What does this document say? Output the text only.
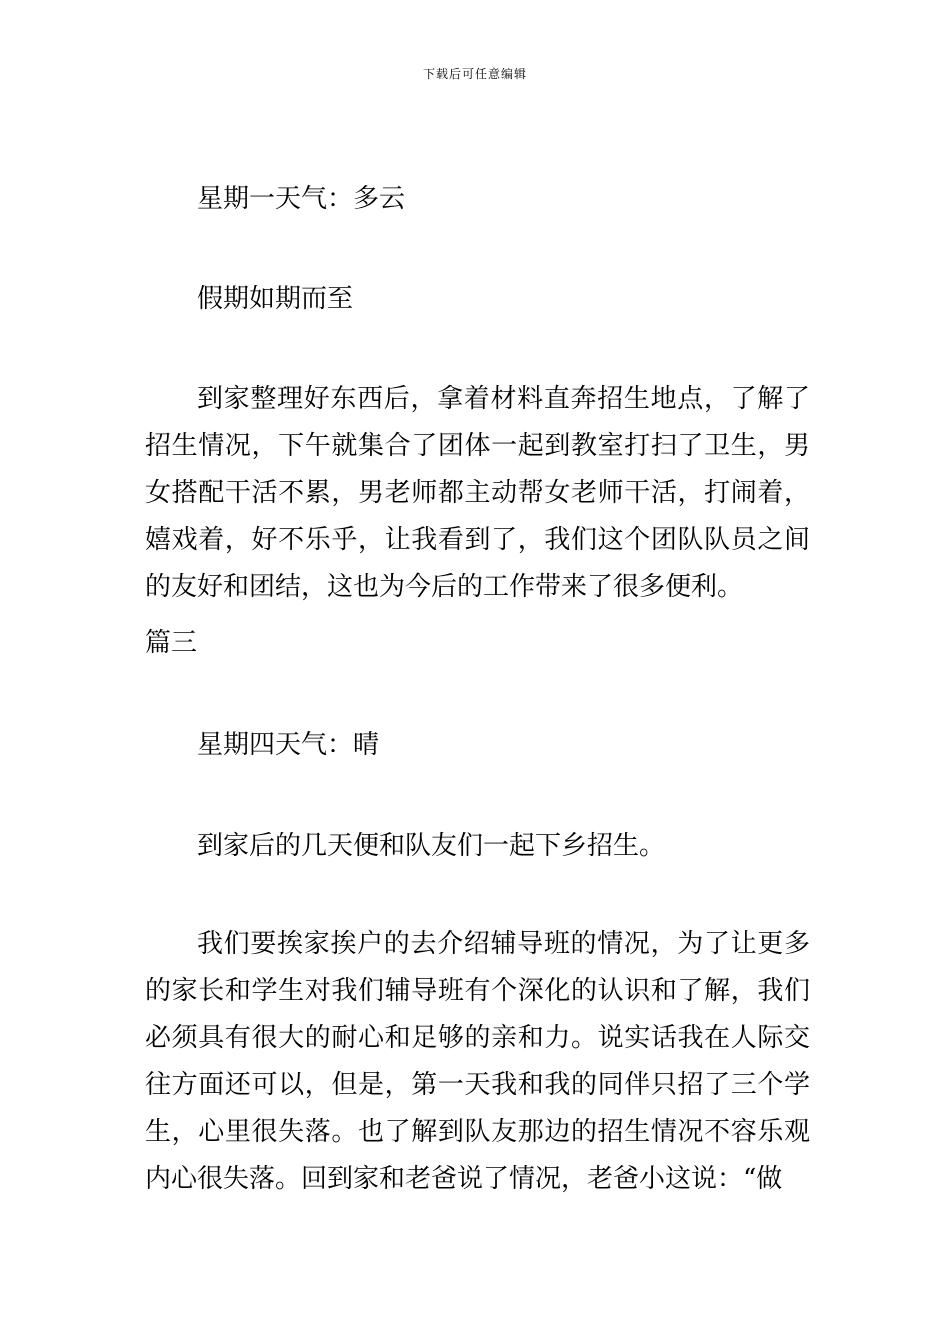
下载后可任意编辑

星期一天气：多云

假期如期而至

到家整理好东西后，拿着材料直奔招生地点，了解了招生情况，下午就集合了团体一起到教室打扫了卫生，男女搭配干活不累，男老师都主动帮女老师干活，打闹着，嬉戏着，好不乐乎，让我看到了，我们这个团队队员之间的友好和团结，这也为今后的工作带来了很多便利。

篇三

星期四天气：晴

到家后的几天便和队友们一起下乡招生。

我们要挨家挨户的去介绍辅导班的情况，为了让更多的家长和学生对我们辅导班有个深化的认识和了解，我们必须具有很大的耐心和足够的亲和力。说实话我在人际交往方面还可以，但是，第一天我和我的同伴只招了三个学生，心里很失落。也了解到队友那边的招生情况不容乐观内心很失落。回到家和老爸说了情况，老爸小这说：“做
